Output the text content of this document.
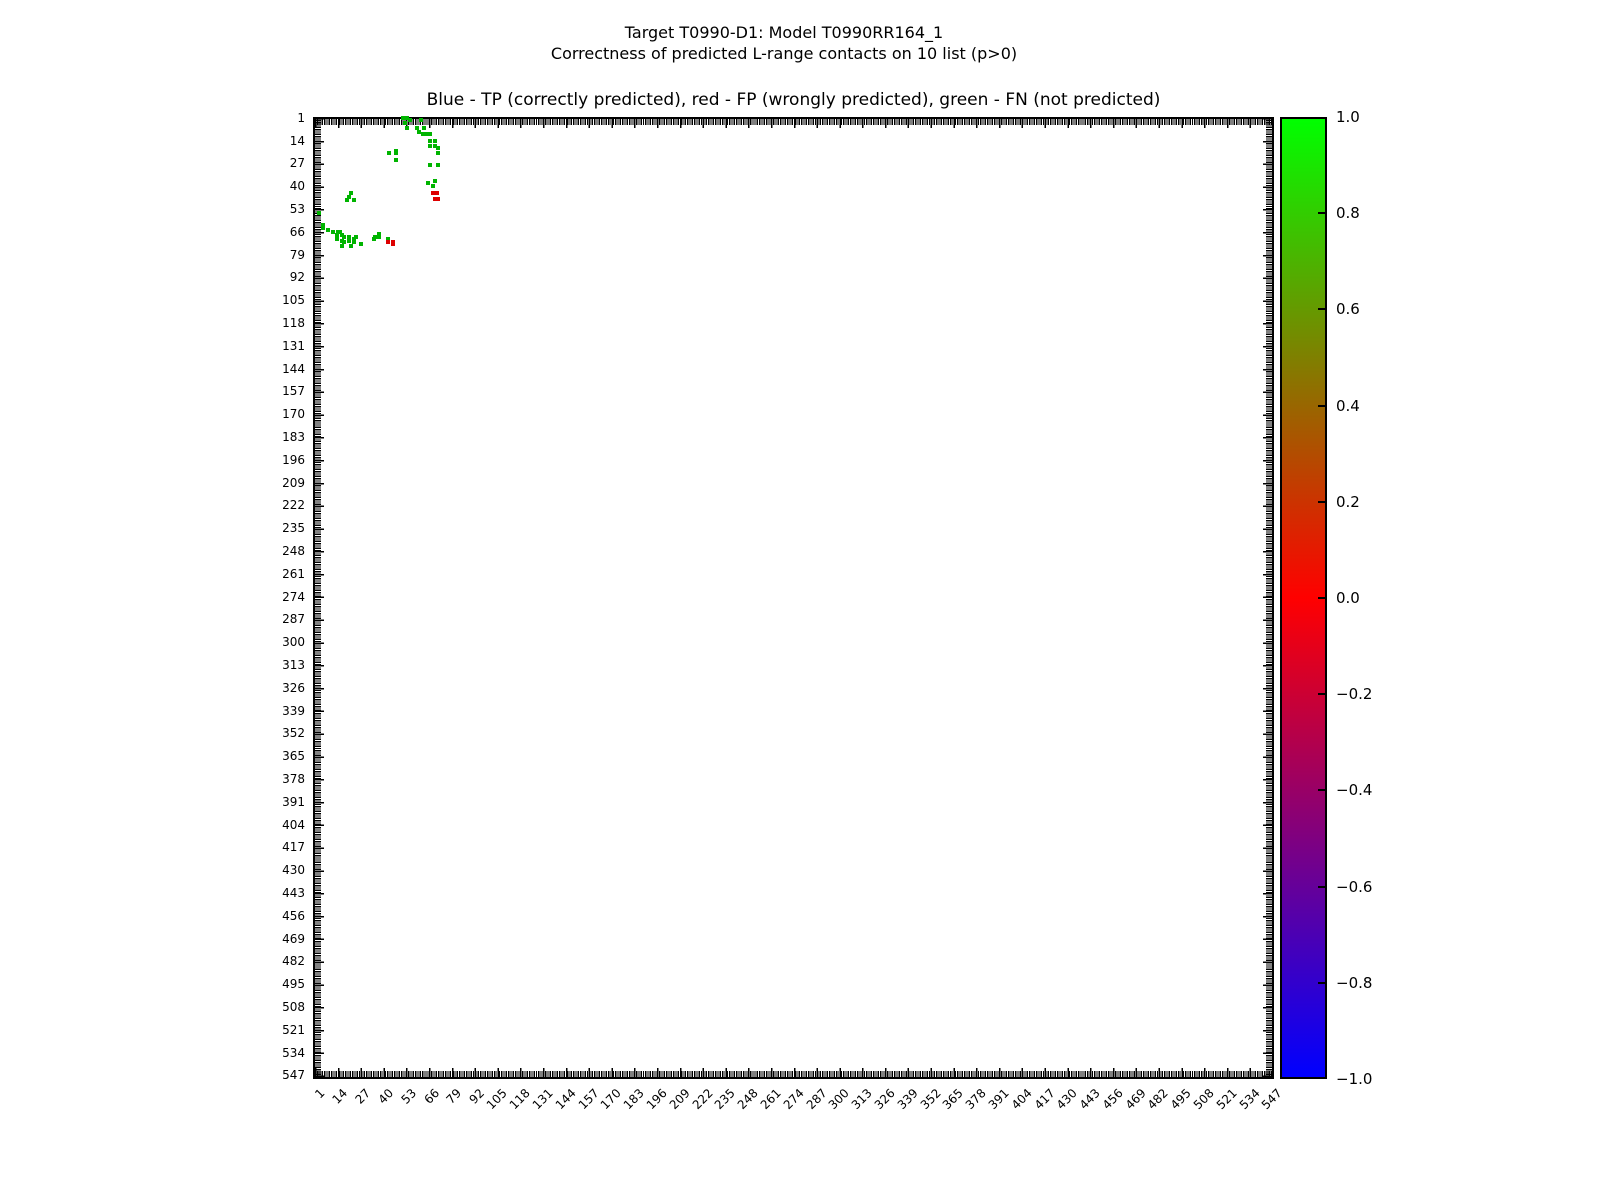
Target T0990-D1: Model T0990RR164_1
Correctness of predicted L-range contacts on 10 list (p>0)
Blue - TP (correctly predicted), red - FP (wrongly predicted), green - FN (not predicted)
1
14
27
40
53
66
79
92
105
118
131
144
157
170
183
196
209
222
235
248
261
274
287
300
313
326
339
352
365
378
391
404
417
430
443
456
469
482
495
508
521
534
547
1 14 27 40 53 66 79 92
105
118
131
144
157
170
183
196
209
222
235
248
261
274
287
300
313
326
339
352
365
378
391
404
417
430
443
456
469
482
495
508
521
534
547
1.0
0.8
0.6
0.4
0.2
0.0
−0.2
−0.4
−0.6
−0.8
−1.0
